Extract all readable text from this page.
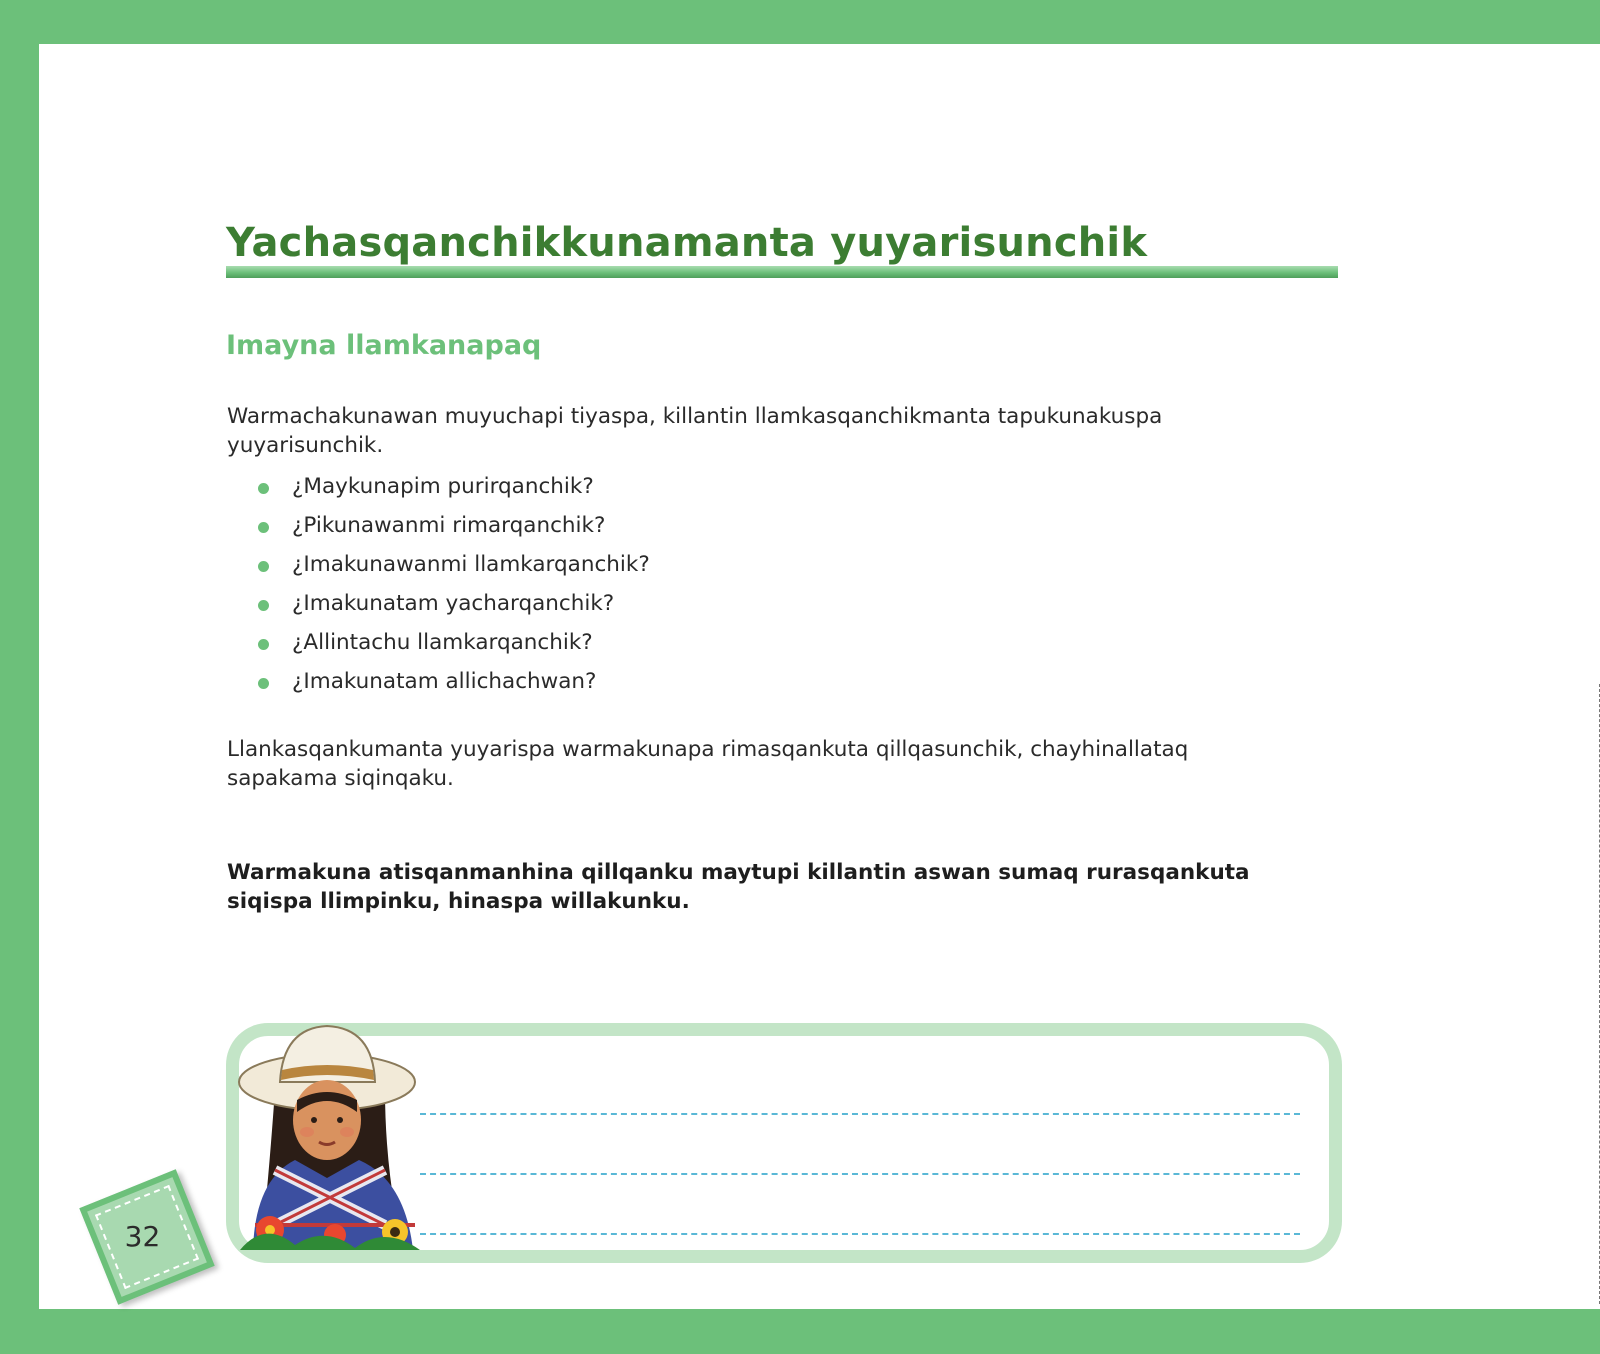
Yachasqanchikkunamanta yuyarisunchik
Imayna llamkanapaq

Warmachakunawan muyuchapi tiyaspa, killantin llamkasqanchikmanta tapukunakuspa yuyarisunchik.

¿Maykunapim purirqanchik?
¿Pikunawanmi rimarqanchik?
¿Imakunawanmi llamkarqanchik?
¿Imakunatam yacharqanchik?
¿Allintachu llamkarqanchik?
¿Imakunatam allichachwan?

Llankasqankumanta yuyarispa warmakunapa rimasqankuta qillqasunchik, chayhinallataq sapakama siqinqaku.

Warmakuna atisqanmanhina qillqanku maytupi killantin aswan sumaq rurasqankuta siqispa llimpinku, hinaspa willakunku.

32
